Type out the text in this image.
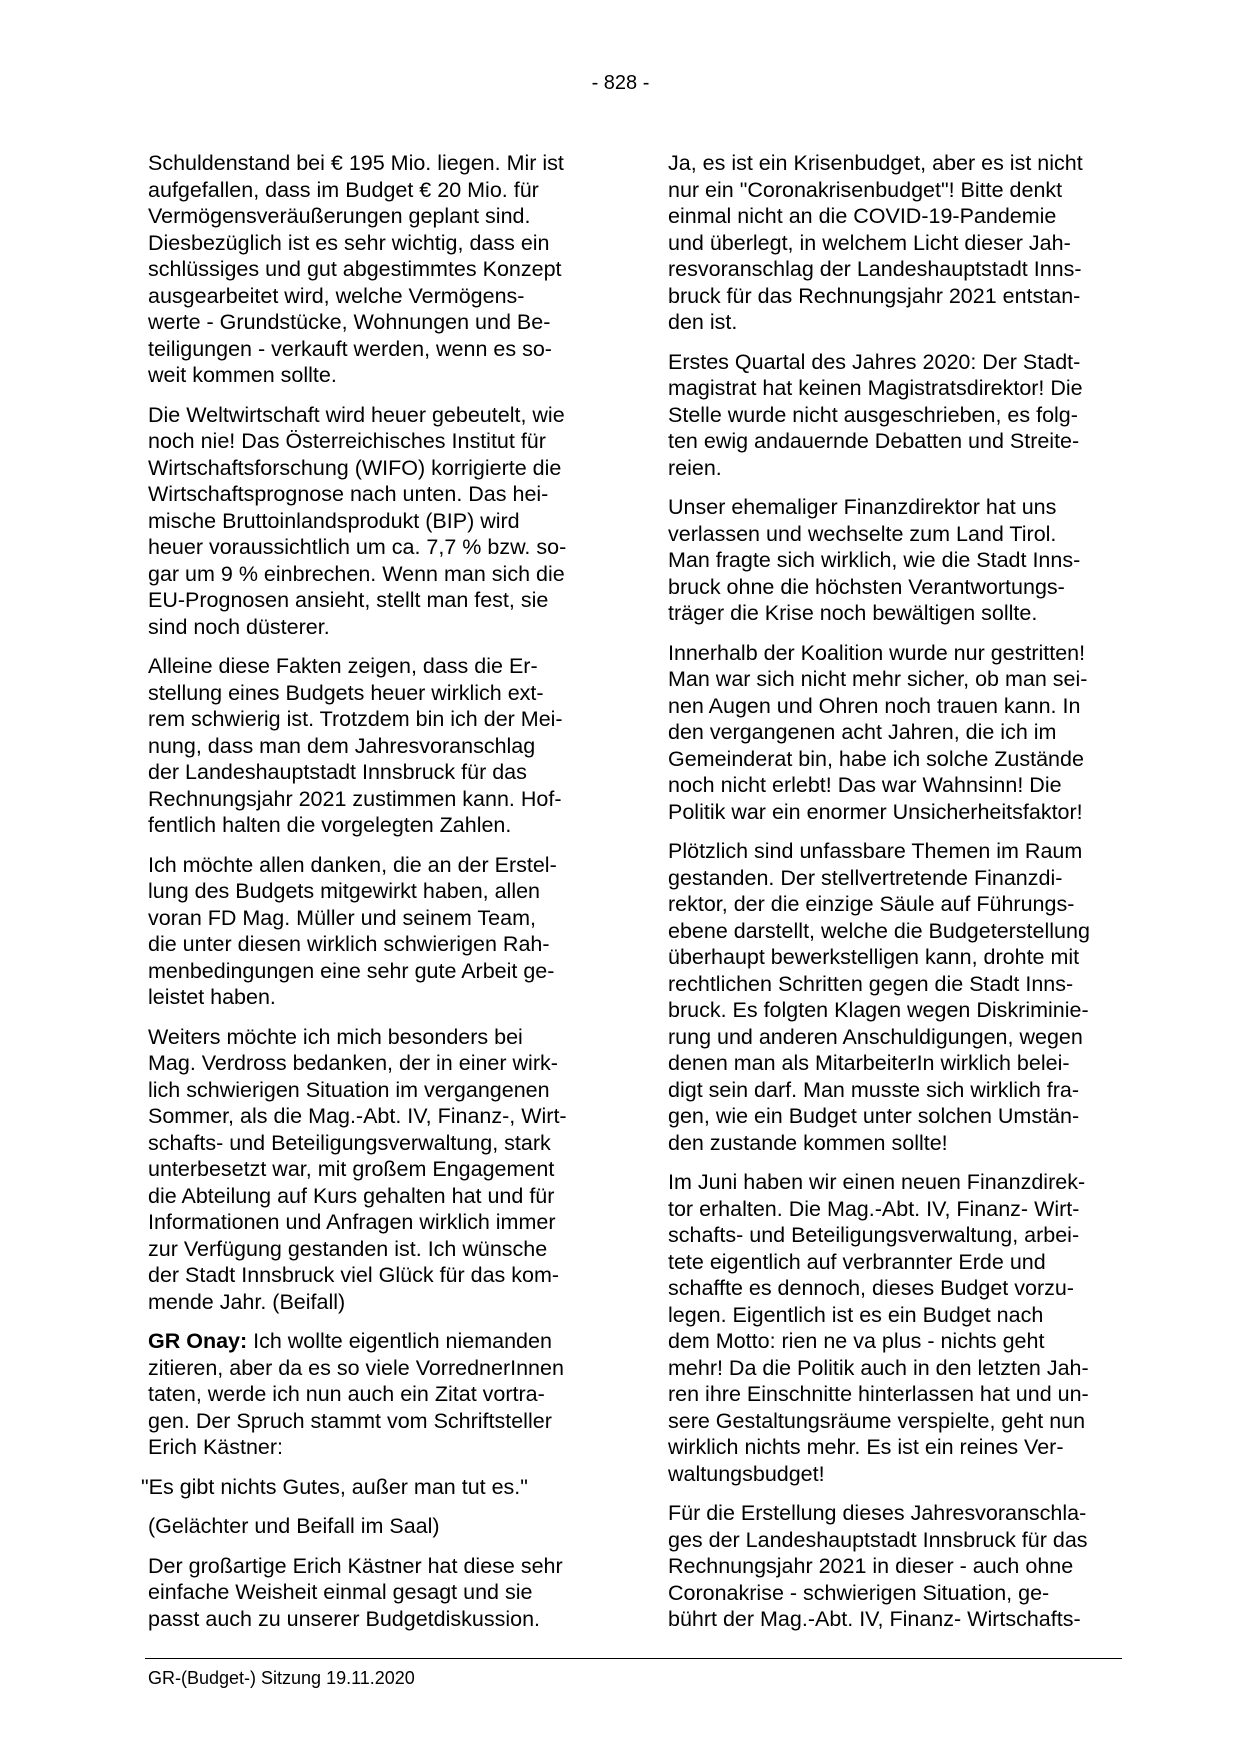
- 828 -

Schuldenstand bei € 195 Mio. liegen. Mir ist
aufgefallen, dass im Budget € 20 Mio. für
Vermögensveräußerungen geplant sind.
Diesbezüglich ist es sehr wichtig, dass ein
schlüssiges und gut abgestimmtes Konzept
ausgearbeitet wird, welche Vermögens-
werte - Grundstücke, Wohnungen und Be-
teiligungen - verkauft werden, wenn es so-
weit kommen sollte.

Die Weltwirtschaft wird heuer gebeutelt, wie
noch nie! Das Österreichisches Institut für
Wirtschaftsforschung (WIFO) korrigierte die
Wirtschaftsprognose nach unten. Das hei-
mische Bruttoinlandsprodukt (BIP) wird
heuer voraussichtlich um ca. 7,7 % bzw. so-
gar um 9 % einbrechen. Wenn man sich die
EU-Prognosen ansieht, stellt man fest, sie
sind noch düsterer.

Alleine diese Fakten zeigen, dass die Er-
stellung eines Budgets heuer wirklich ext-
rem schwierig ist. Trotzdem bin ich der Mei-
nung, dass man dem Jahresvoranschlag
der Landeshauptstadt Innsbruck für das
Rechnungsjahr 2021 zustimmen kann. Hof-
fentlich halten die vorgelegten Zahlen.

Ich möchte allen danken, die an der Erstel-
lung des Budgets mitgewirkt haben, allen
voran FD Mag. Müller und seinem Team,
die unter diesen wirklich schwierigen Rah-
menbedingungen eine sehr gute Arbeit ge-
leistet haben.

Weiters möchte ich mich besonders bei
Mag. Verdross bedanken, der in einer wirk-
lich schwierigen Situation im vergangenen
Sommer, als die Mag.-Abt. IV, Finanz-, Wirt-
schafts- und Beteiligungsverwaltung, stark
unterbesetzt war, mit großem Engagement
die Abteilung auf Kurs gehalten hat und für
Informationen und Anfragen wirklich immer
zur Verfügung gestanden ist. Ich wünsche
der Stadt Innsbruck viel Glück für das kom-
mende Jahr. (Beifall)

GR Onay: Ich wollte eigentlich niemanden
zitieren, aber da es so viele VorrednerInnen
taten, werde ich nun auch ein Zitat vortra-
gen. Der Spruch stammt vom Schriftsteller
Erich Kästner:

"Es gibt nichts Gutes, außer man tut es."

(Gelächter und Beifall im Saal)

Der großartige Erich Kästner hat diese sehr
einfache Weisheit einmal gesagt und sie
passt auch zu unserer Budgetdiskussion.

Ja, es ist ein Krisenbudget, aber es ist nicht
nur ein "Coronakrisenbudget"! Bitte denkt
einmal nicht an die COVID-19-Pandemie
und überlegt, in welchem Licht dieser Jah-
resvoranschlag der Landeshauptstadt Inns-
bruck für das Rechnungsjahr 2021 entstan-
den ist.

Erstes Quartal des Jahres 2020: Der Stadt-
magistrat hat keinen Magistratsdirektor! Die
Stelle wurde nicht ausgeschrieben, es folg-
ten ewig andauernde Debatten und Streite-
reien.

Unser ehemaliger Finanzdirektor hat uns
verlassen und wechselte zum Land Tirol.
Man fragte sich wirklich, wie die Stadt Inns-
bruck ohne die höchsten Verantwortungs-
träger die Krise noch bewältigen sollte.

Innerhalb der Koalition wurde nur gestritten!
Man war sich nicht mehr sicher, ob man sei-
nen Augen und Ohren noch trauen kann. In
den vergangenen acht Jahren, die ich im
Gemeinderat bin, habe ich solche Zustände
noch nicht erlebt! Das war Wahnsinn! Die
Politik war ein enormer Unsicherheitsfaktor!

Plötzlich sind unfassbare Themen im Raum
gestanden. Der stellvertretende Finanzdi-
rektor, der die einzige Säule auf Führungs-
ebene darstellt, welche die Budgeterstellung
überhaupt bewerkstelligen kann, drohte mit
rechtlichen Schritten gegen die Stadt Inns-
bruck. Es folgten Klagen wegen Diskriminie-
rung und anderen Anschuldigungen, wegen
denen man als MitarbeiterIn wirklich belei-
digt sein darf. Man musste sich wirklich fra-
gen, wie ein Budget unter solchen Umstän-
den zustande kommen sollte!

Im Juni haben wir einen neuen Finanzdirek-
tor erhalten. Die Mag.-Abt. IV, Finanz- Wirt-
schafts- und Beteiligungsverwaltung, arbei-
tete eigentlich auf verbrannter Erde und
schaffte es dennoch, dieses Budget vorzu-
legen. Eigentlich ist es ein Budget nach
dem Motto: rien ne va plus - nichts geht
mehr! Da die Politik auch in den letzten Jah-
ren ihre Einschnitte hinterlassen hat und un-
sere Gestaltungsräume verspielte, geht nun
wirklich nichts mehr. Es ist ein reines Ver-
waltungsbudget!

Für die Erstellung dieses Jahresvoranschla-
ges der Landeshauptstadt Innsbruck für das
Rechnungsjahr 2021 in dieser - auch ohne
Coronakrise - schwierigen Situation, ge-
bührt der Mag.-Abt. IV, Finanz- Wirtschafts-

GR-(Budget-) Sitzung 19.11.2020
